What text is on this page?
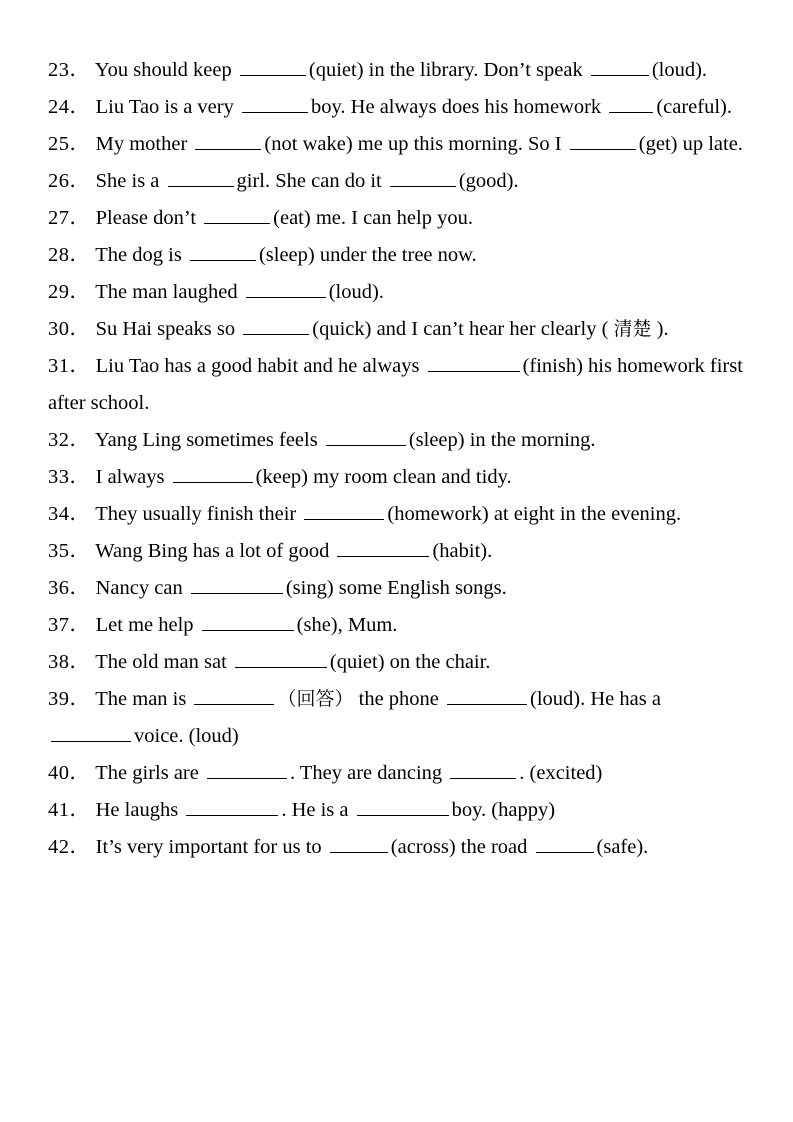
23． You should keep	(quiet) in the library. Don’t speak	(loud).

24． Liu Tao is a very	boy. He always does his homework	(careful).

25． My mother	(not wake) me up this morning. So I	(get) up late.

26． She is a	girl. She can do it	(good).

27． Please don’t	(eat) me. I can help you.

28． The dog is	(sleep) under the tree now.

29． The man laughed	(loud).

30． Su Hai speaks so	(quick) and I can’t hear her clearly ( 清楚 ).

31． Liu Tao has a good habit and he always	(finish) his homework first after school.

32． Yang Ling sometimes feels	(sleep) in the morning.

33． I always	(keep) my room clean and tidy.

34． They usually finish their	(homework) at eight in the evening.

35． Wang Bing has a lot of good	(habit).

36． Nancy can	(sing) some English songs.

37． Let me help	(she), Mum.

38． The old man sat	(quiet) on the chair.

39． The man is	（回答） the phone	(loud). He has a voice. (loud)

40． The girls are	. They are dancing	. (excited)

41． He laughs	. He is a	boy. (happy)

42． It’s very important for us to	(across) the road	(safe).
